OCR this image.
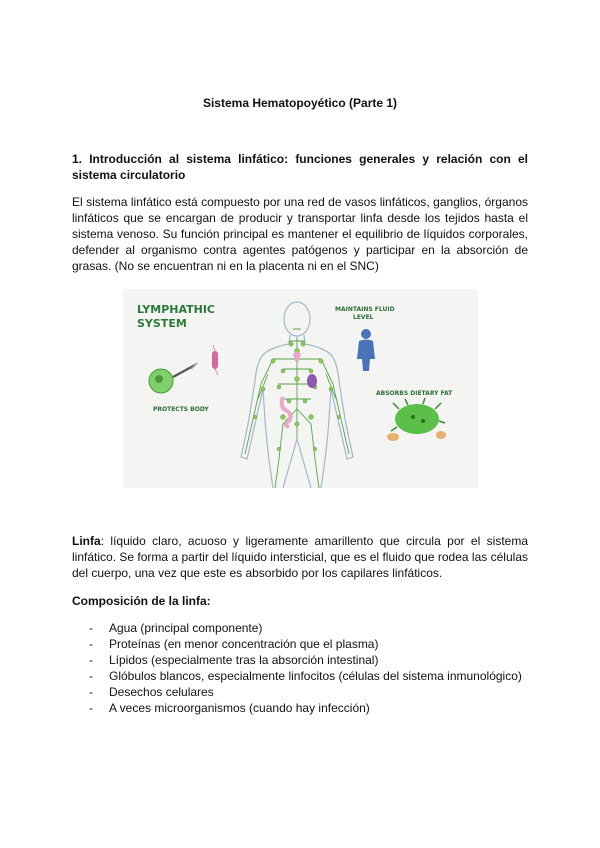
Sistema Hematopoyético (Parte 1)
1. Introducción al sistema linfático: funciones generales y relación con el sistema circulatorio
El sistema linfático está compuesto por una red de vasos linfáticos, ganglios, órganos linfáticos que se encargan de producir y transportar linfa desde los tejidos hasta el sistema venoso. Su función principal es mantener el equilibrio de líquidos corporales, defender al organismo contra agentes patógenos y participar en la absorción de grasas. (No se encuentran ni en la placenta ni en el SNC)
LYMPHATHIC
SYSTEM
PROTECTS BODY
MAINTAINS FLUID
LEVEL
ABSORBS DIETARY FAT
Linfa: líquido claro, acuoso y ligeramente amarillento que circula por el sistema linfático. Se forma a partir del líquido intersticial, que es el fluido que rodea las células del cuerpo, una vez que este es absorbido por los capilares linfáticos.
Composición de la linfa:
- Agua (principal componente)
- Proteínas (en menor concentración que el plasma)
- Lípidos (especialmente tras la absorción intestinal)
- Glóbulos blancos, especialmente linfocitos (células del sistema inmunológico)
- Desechos celulares
- A veces microorganismos (cuando hay infección)
